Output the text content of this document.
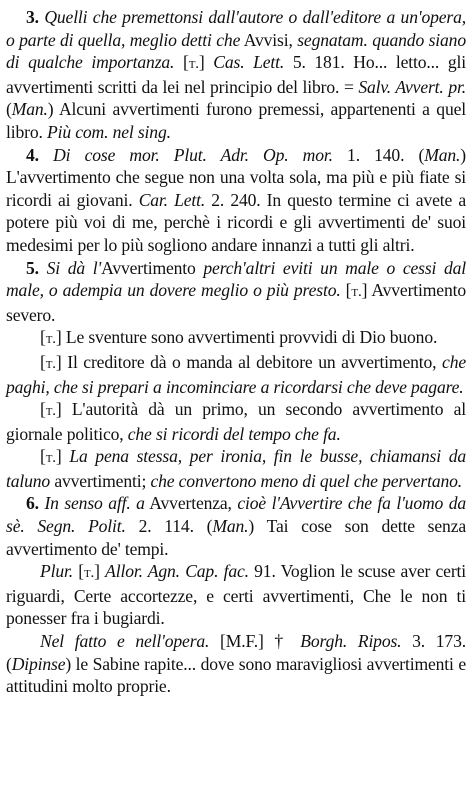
3. Quelli che premettonsi dall'autore o dall'editore a un'opera, o parte di quella, meglio detti che Avvisi, segnatam. quando siano di qualche importanza. [t.] Cas. Lett. 5. 181. Ho... letto... gli avvertimenti scritti da lei nel principio del libro. = Salv. Avvert. pr. (Man.) Alcuni avvertimenti furono premessi, appartenenti a quel libro. Più com. nel sing.

4. Di cose mor. Plut. Adr. Op. mor. 1. 140. (Man.) L'avvertimento che segue non una volta sola, ma più e più fiate si ricordi ai giovani. Car. Lett. 2. 240. In questo termine ci avete a potere più voi di me, perchè i ricordi e gli avvertimenti de' suoi medesimi per lo più sogliono andare innanzi a tutti gli altri.

5. Si dà l'Avvertimento perch'altri eviti un male o cessi dal male, o adempia un dovere meglio o più presto. [t.] Avvertimento severo.

[t.] Le sventure sono avvertimenti provvidi di Dio buono.

[t.] Il creditore dà o manda al debitore un avvertimento, che paghi, che si prepari a incominciare a ricordarsi che deve pagare.

[t.] L'autorità dà un primo, un secondo avvertimento al giornale politico, che si ricordi del tempo che fa.

[t.] La pena stessa, per ironia, fin le busse, chiamansi da taluno avvertimenti; che convertono meno di quel che pervertano.

6. In senso aff. a Avvertenza, cioè l'Avvertire che fa l'uomo da sè. Segn. Polit. 2. 114. (Man.) Tai cose son dette senza avvertimento de' tempi.

Plur. [t.] Allor. Agn. Cap. fac. 91. Voglion le scuse aver certi riguardi, Certe accortezze, e certi avvertimenti, Che le non ti ponesser fra i bugiardi.

Nel fatto e nell'opera. [M.F.] † Borgh. Ripos. 3. 173. (Dipinse) le Sabine rapite... dove sono maravigliosi avvertimenti e attitudini molto proprie.
